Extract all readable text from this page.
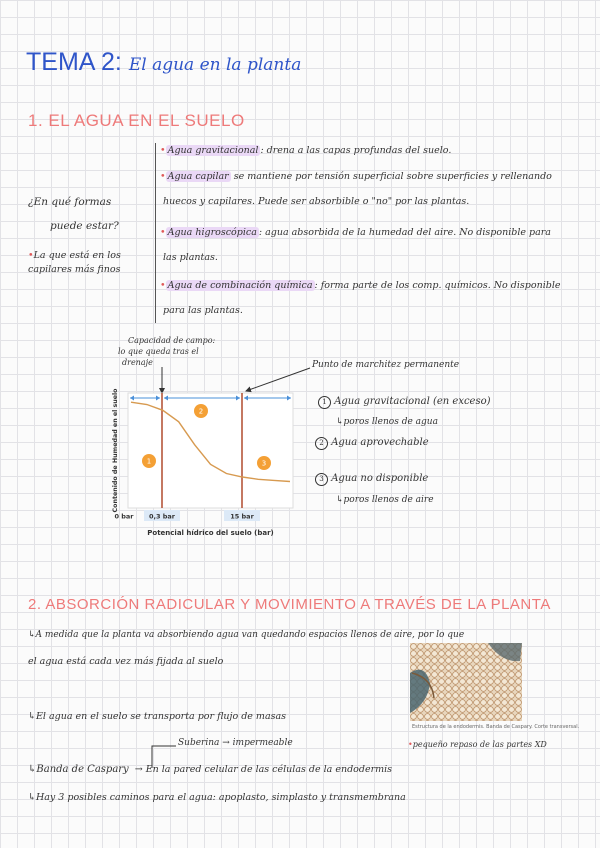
TEMA 2: El agua en la planta
1. EL AGUA EN EL SUELO
¿En qué formas
puede estar?
•La que está en los
capilares más finos
• Agua gravitacional : drena a las capas profundas del suelo.
• Agua capilar se mantiene por tensión superficial sobre superficies y rellenando
huecos y capilares. Puede ser absorbible o "no" por las plantas.
• Agua higroscópica : agua absorbida de la humedad del aire. No disponible para
las plantas.
• Agua de combinación química : forma parte de los comp. químicos. No disponible
para las plantas.
Capacidad de campo:
lo que queda tras el
drenaje	Punto de marchitez permanente
1
2
3
0 bar 0,3 bar	15 bar
Contenido de Humedad en el suelo
Potencial hídrico del suelo (bar)
1 Agua gravitacional (en exceso)
↳poros llenos de agua
2 Agua aprovechable
3 Agua no disponible
↳poros llenos de aire
2. ABSORCIÓN RADICULAR Y MOVIMIENTO A TRAVÉS DE LA PLANTA
↳A medida que la planta va absorbiendo agua van quedando espacios llenos de aire, por lo que
el agua está cada vez más fijada al suelo
Estructura de la endodermis. Banda de Caspary. Corte transversal.
•pequeño repaso de las partes XD
↳El agua en el suelo se transporta por flujo de masas
Suberina → impermeable
↳Banda de Caspary → En la pared celular de las células de la endodermis
↳Hay 3 posibles caminos para el agua: apoplasto, simplasto y transmembrana
